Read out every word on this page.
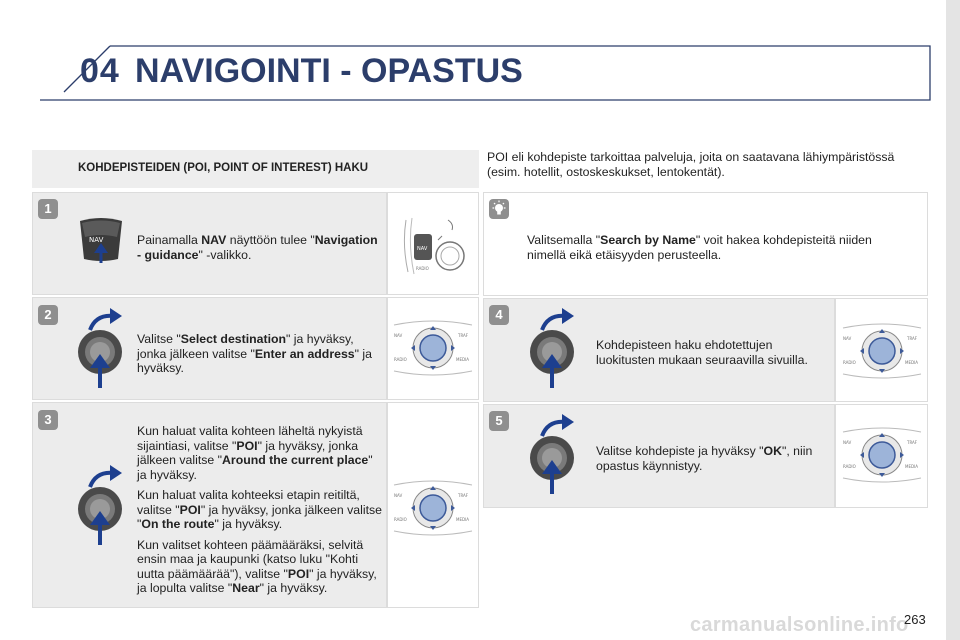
04 NAVIGOINTI - OPASTUS
KOHDEPISTEIDEN (POI, POINT OF INTEREST) HAKU
POI eli kohdepiste tarkoittaa palveluja, joita on saatavana lähiympäristössä (esim. hotellit, ostoskeskukset, lentokentät).
1
NAV	Painamalla NAV näyttöön tulee "Navigation - guidance" -valikko.	NAV
RADIO
2
Valitse "Select destination" ja hyväksy, jonka jälkeen valitse "Enter an address" ja hyväksy.
NAV	TRAF
RADIO	MEDIA
3

Kun haluat valita kohteen läheltä nykyistä sijaintiasi, valitse "POI" ja hyväksy, jonka jälkeen valitse "Around the current place" ja hyväksy.

Kun haluat valita kohteeksi etapin reitiltä, valitse "POI" ja hyväksy, jonka jälkeen valitse "On the route" ja hyväksy.

Kun valitset kohteen päämääräksi, selvitä ensin maa ja kaupunki (katso luku "Kohti uutta päämäärää"), valitse "POI" ja hyväksy, ja lopulta valitse "Near" ja hyväksy.

NAV	TRAF
RADIO	MEDIA
Valitsemalla "Search by Name" voit hakea kohdepisteitä niiden nimellä eikä etäisyyden perusteella.
4
Kohdepisteen haku ehdotettujen luokitusten mukaan seuraavilla sivuilla.
NAV	TRAF
RADIO	MEDIA
5
Valitse kohdepiste ja hyväksy "OK", niin opastus käynnistyy.
NAV	TRAF
RADIO	MEDIA
carmanualsonline.info
263
